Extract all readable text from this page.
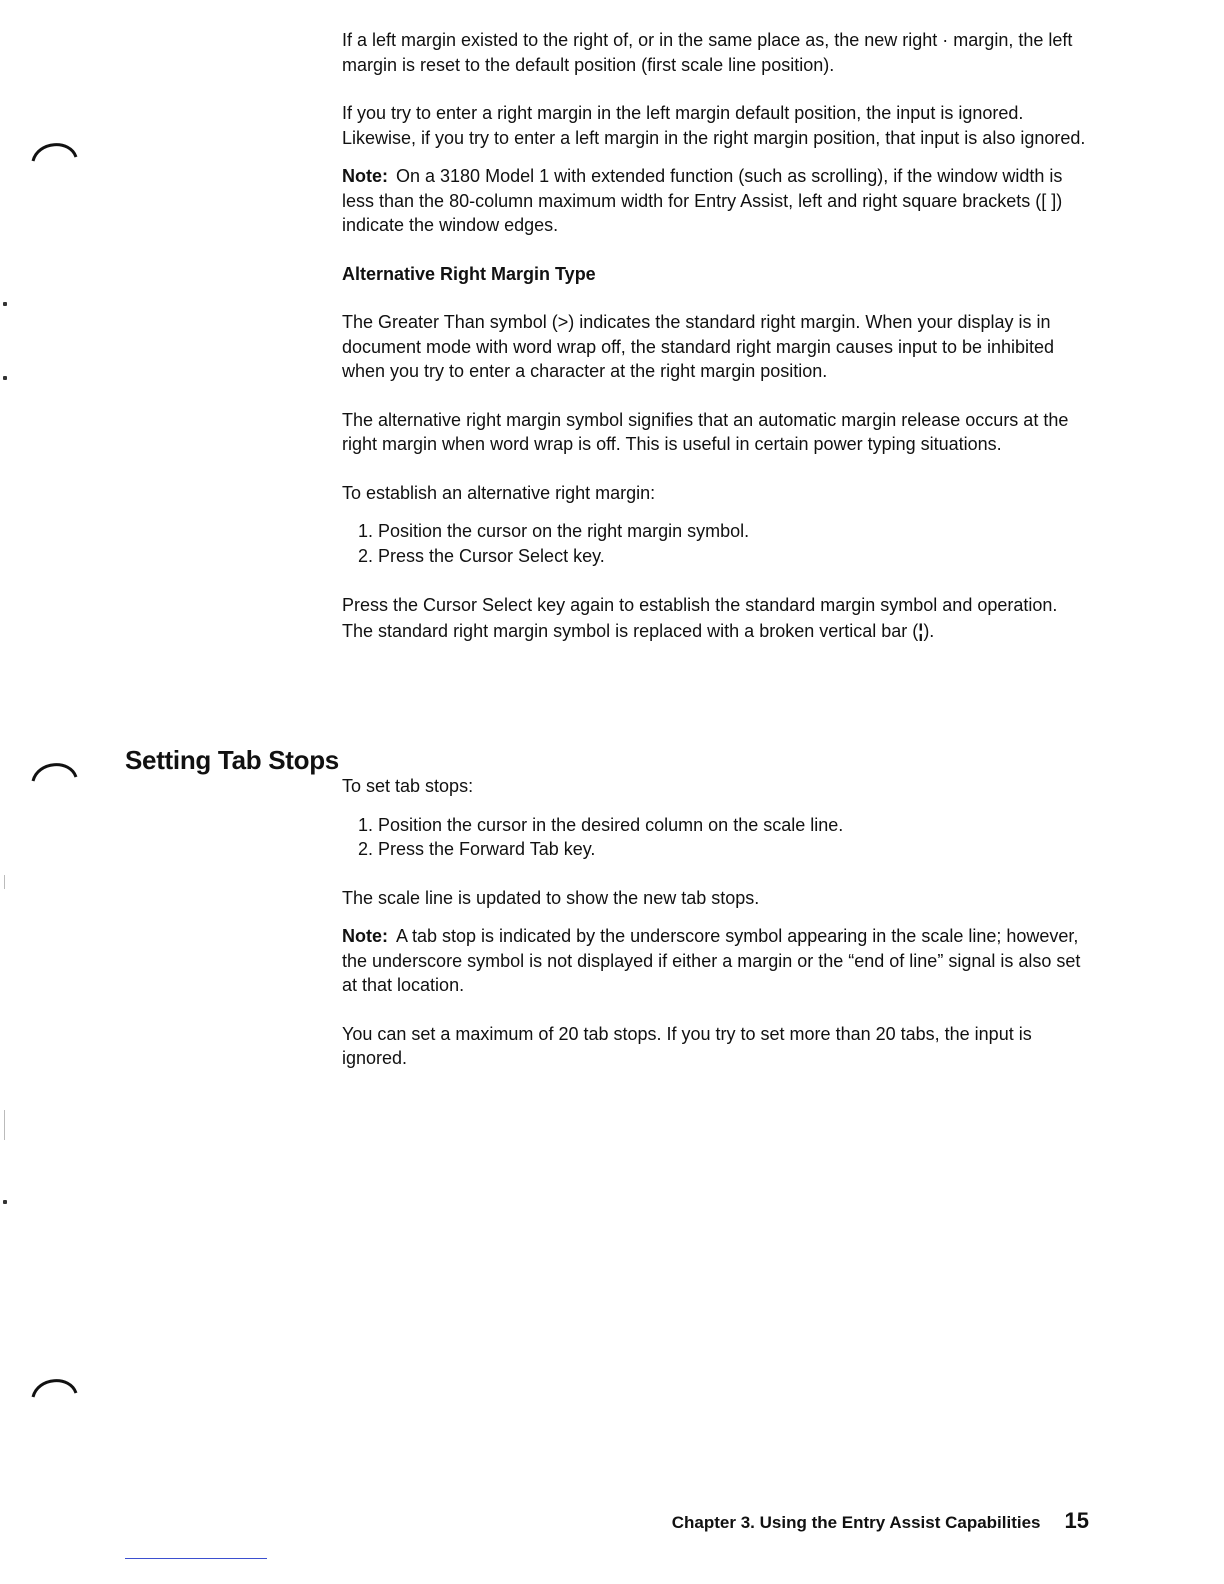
If a left margin existed to the right of, or in the same place as, the new right · margin, the left margin is reset to the default position (first scale line position).

If you try to enter a right margin in the left margin default position, the input is ignored. Likewise, if you try to enter a left margin in the right margin position, that input is also ignored.

Note: On a 3180 Model 1 with extended function (such as scrolling), if the window width is less than the 80-column maximum width for Entry Assist, left and right square brackets ([ ]) indicate the window edges.

Alternative Right Margin Type

The Greater Than symbol (>) indicates the standard right margin. When your display is in document mode with word wrap off, the standard right margin causes input to be inhibited when you try to enter a character at the right margin position.

The alternative right margin symbol signifies that an automatic margin release occurs at the right margin when word wrap is off. This is useful in certain power typing situations.

To establish an alternative right margin:

1. Position the cursor on the right margin symbol.
2. Press the Cursor Select key.

Press the Cursor Select key again to establish the standard margin symbol and operation. The standard right margin symbol is replaced with a broken vertical bar (¦).

Setting Tab Stops

To set tab stops:

1. Position the cursor in the desired column on the scale line.
2. Press the Forward Tab key.

The scale line is updated to show the new tab stops.

Note: A tab stop is indicated by the underscore symbol appearing in the scale line; however, the underscore symbol is not displayed if either a margin or the “end of line” signal is also set at that location.

You can set a maximum of 20 tab stops. If you try to set more than 20 tabs, the input is ignored.

Chapter 3. Using the Entry Assist Capabilities 15
